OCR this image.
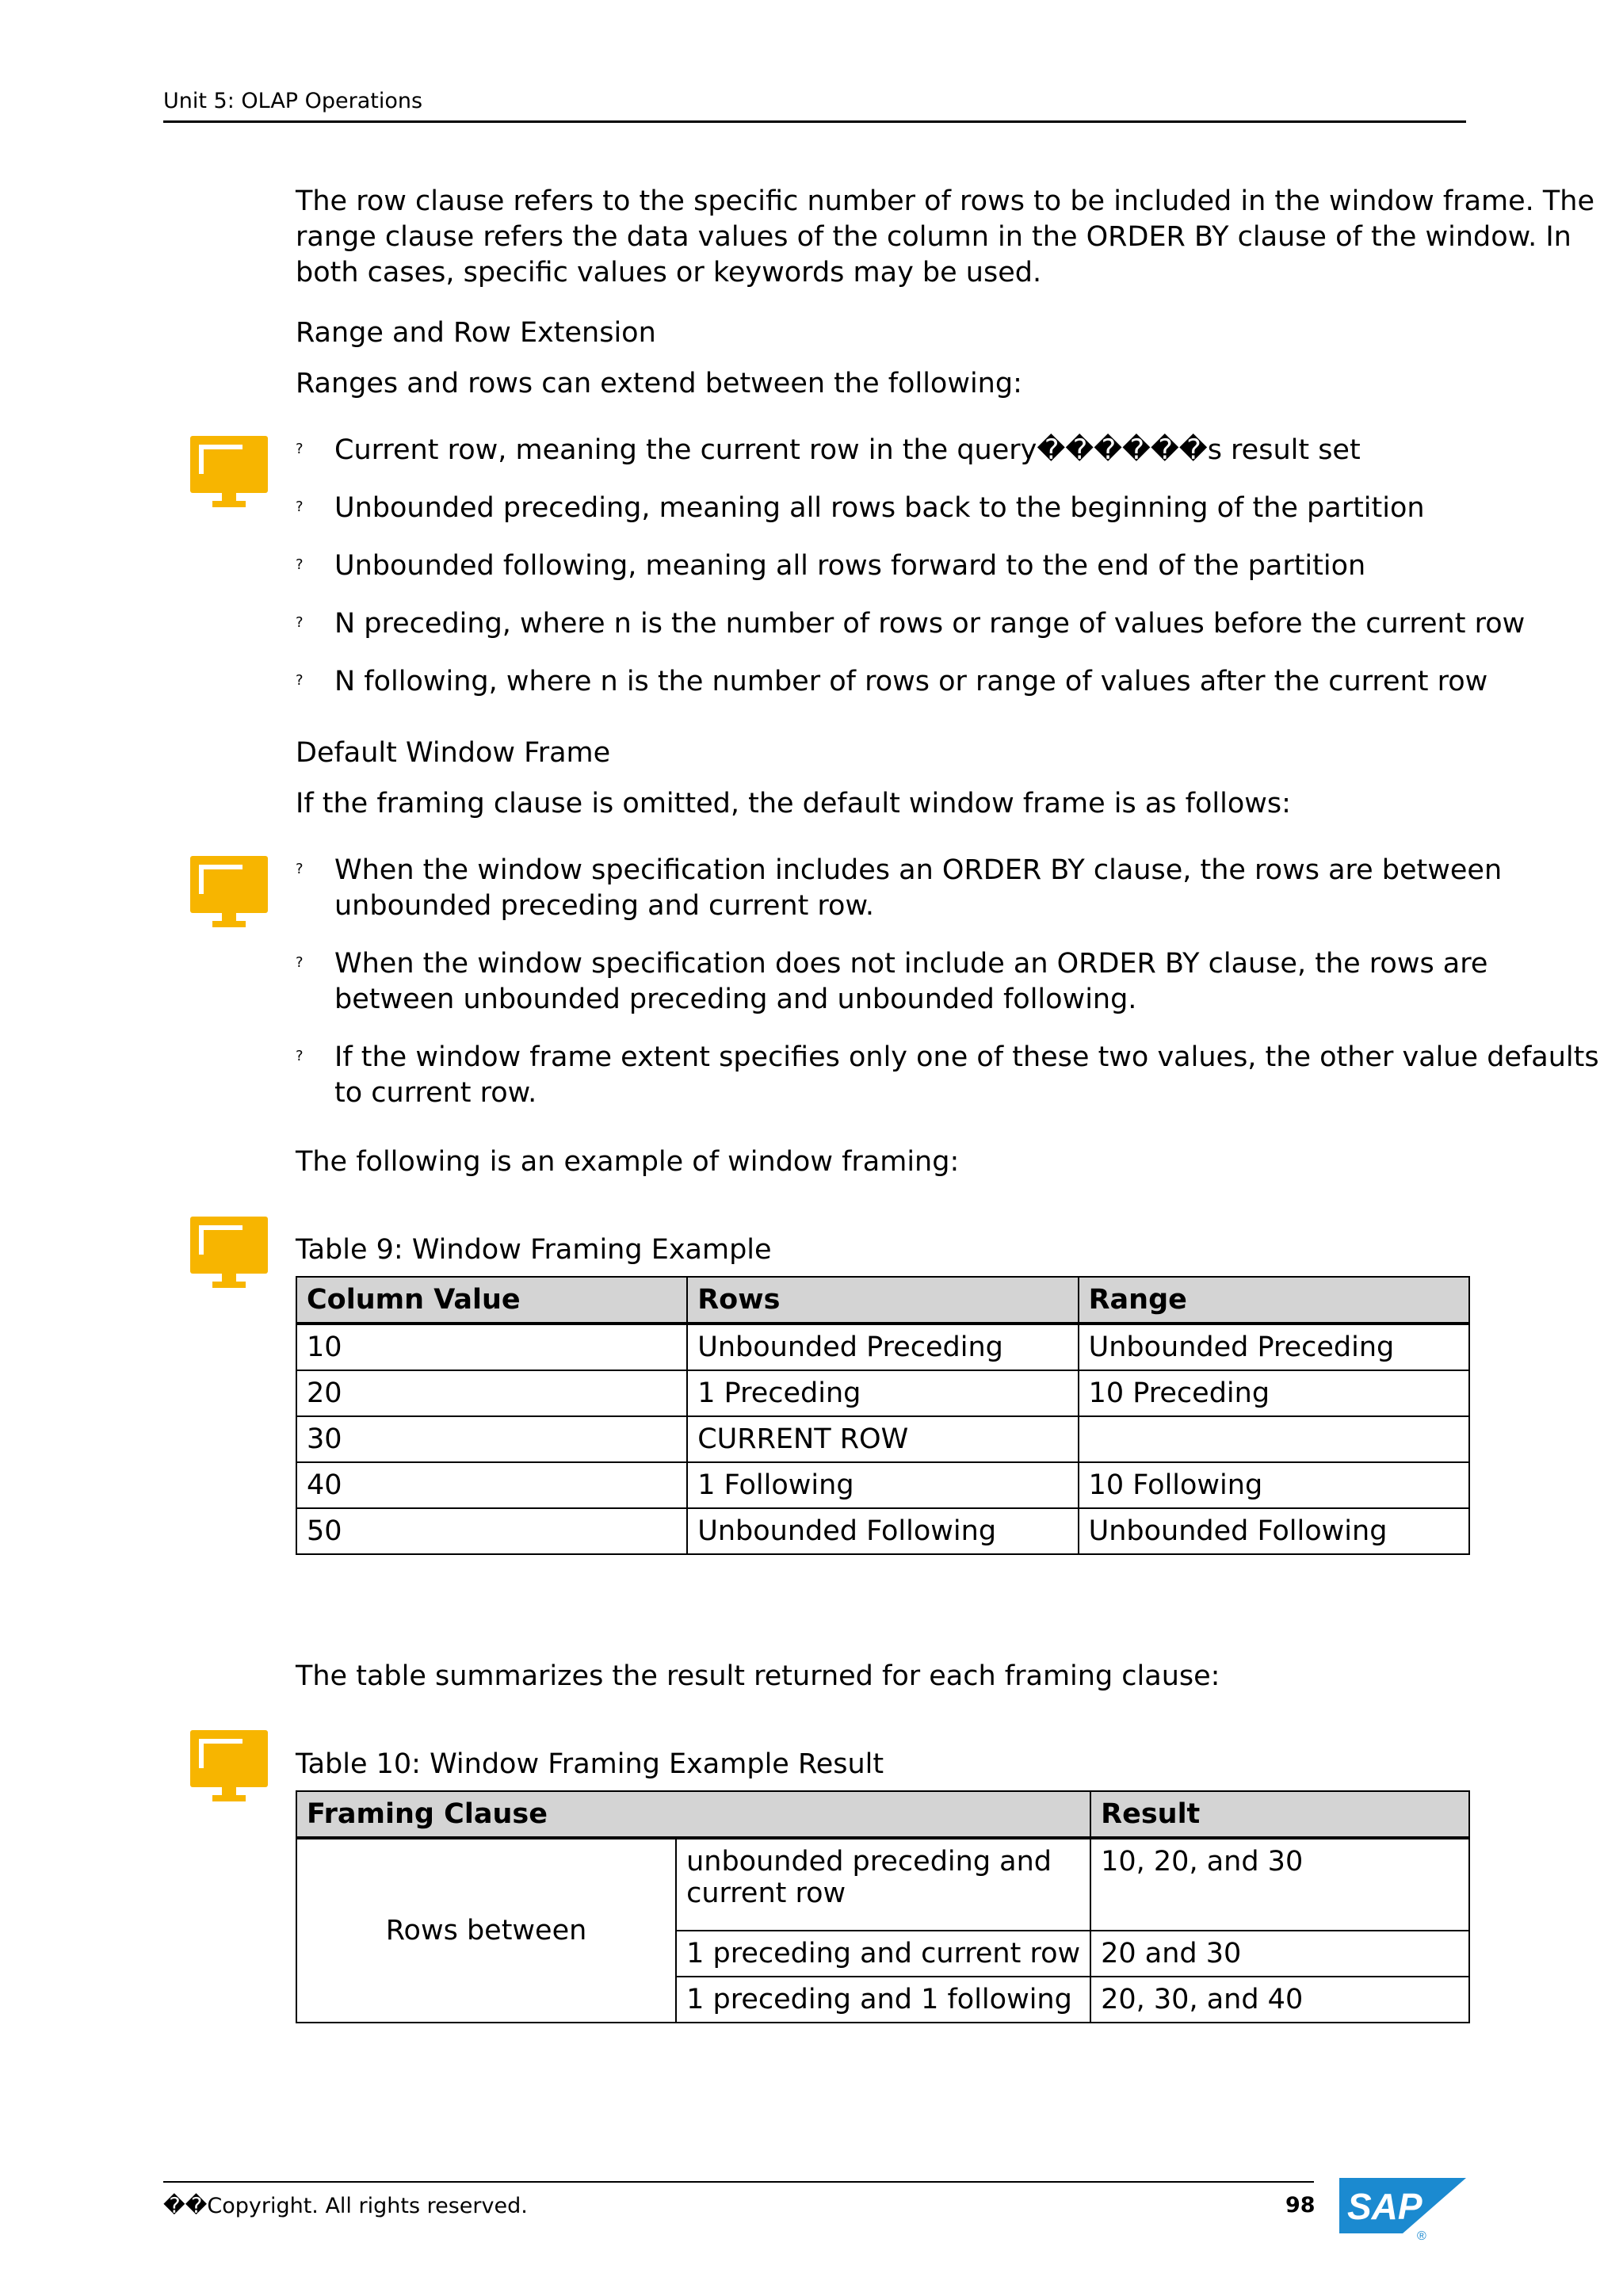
Unit 5: OLAP Operations
The row clause refers to the specific number of rows to be included in the window frame. The range clause refers the data values of the column in the ORDER BY clause of the window. In both cases, specific values or keywords may be used.
Range and Row Extension
Ranges and rows can extend between the following:
? Current row, meaning the current row in the query������s result set
? Unbounded preceding, meaning all rows back to the beginning of the partition
? Unbounded following, meaning all rows forward to the end of the partition
? N preceding, where n is the number of rows or range of values before the current row
? N following, where n is the number of rows or range of values after the current row
Default Window Frame
If the framing clause is omitted, the default window frame is as follows:
? When the window specification includes an ORDER BY clause, the rows are between unbounded preceding and current row.
? When the window specification does not include an ORDER BY clause, the rows are between unbounded preceding and unbounded following.
? If the window frame extent specifies only one of these two values, the other value defaults to current row.
The following is an example of window framing:
Table 9: Window Framing Example
Column Value	Rows	Range
10	Unbounded Preceding	Unbounded Preceding
20	1 Preceding	10 Preceding
30	CURRENT ROW	
40	1 Following	10 Following
50	Unbounded Following	Unbounded Following
The table summarizes the result returned for each framing clause:
Table 10: Window Framing Example Result
Framing Clause		Result
Rows between	unbounded preceding and current row	10, 20, and 30
	1 preceding and current row	20 and 30
	1 preceding and 1 following	20, 30, and 40
��Copyright. All rights reserved.	98 SAP
®
